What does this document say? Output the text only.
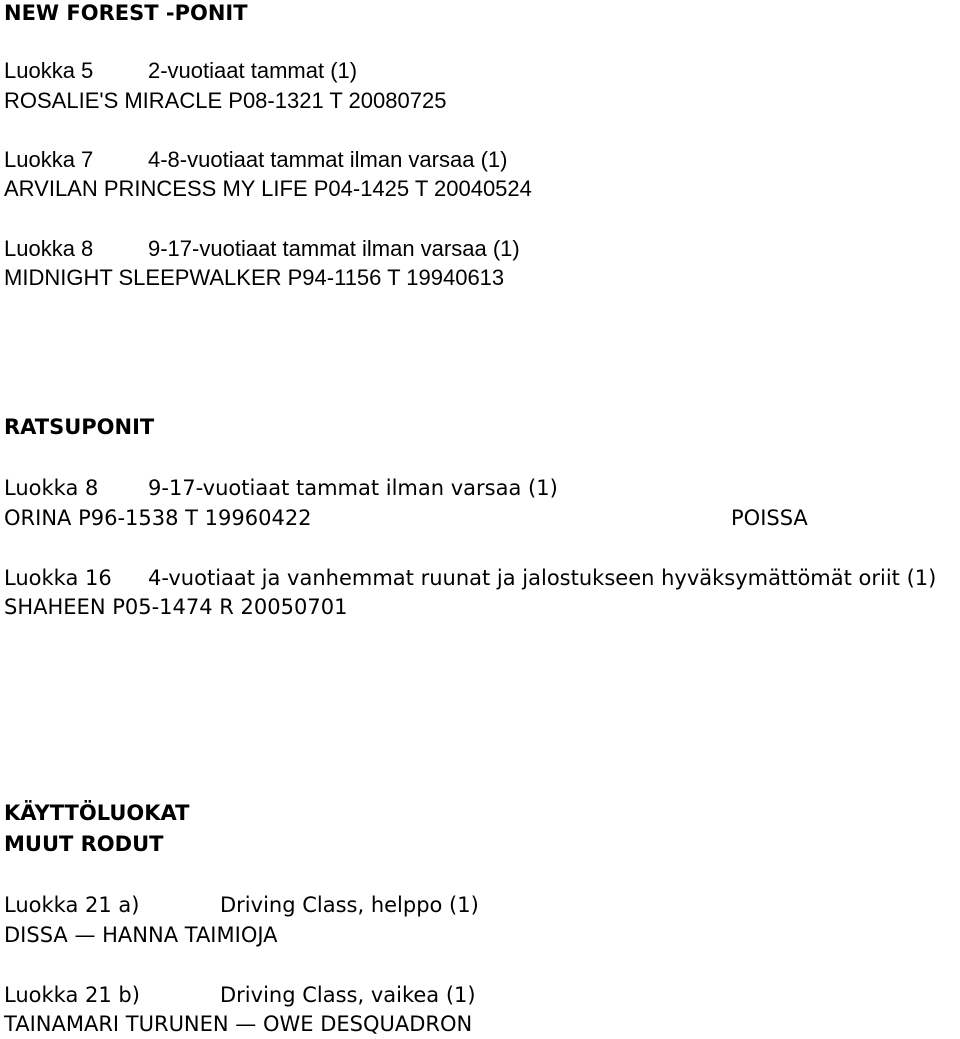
NEW FOREST -PONIT
Luokka 5 2-vuotiaat tammat (1)
ROSALIE'S MIRACLE P08-1321 T 20080725
Luokka 7 4-8-vuotiaat tammat ilman varsaa (1)
ARVILAN PRINCESS MY LIFE P04-1425 T 20040524
Luokka 8 9-17-vuotiaat tammat ilman varsaa (1)
MIDNIGHT SLEEPWALKER P94-1156 T 19940613
RATSUPONIT
Luokka 8 9-17-vuotiaat tammat ilman varsaa (1)
ORINA P96-1538 T 19960422	POISSA
Luokka 16 4-vuotiaat ja vanhemmat ruunat ja jalostukseen hyväksymättömät oriit (1)
SHAHEEN P05-1474 R 20050701
KÄYTTÖLUOKAT
MUUT RODUT
Luokka 21 a)	Driving Class, helppo (1)
DISSA — HANNA TAIMIOJA
Luokka 21 b)	Driving Class, vaikea (1)
TAINAMARI TURUNEN — OWE DESQUADRON
